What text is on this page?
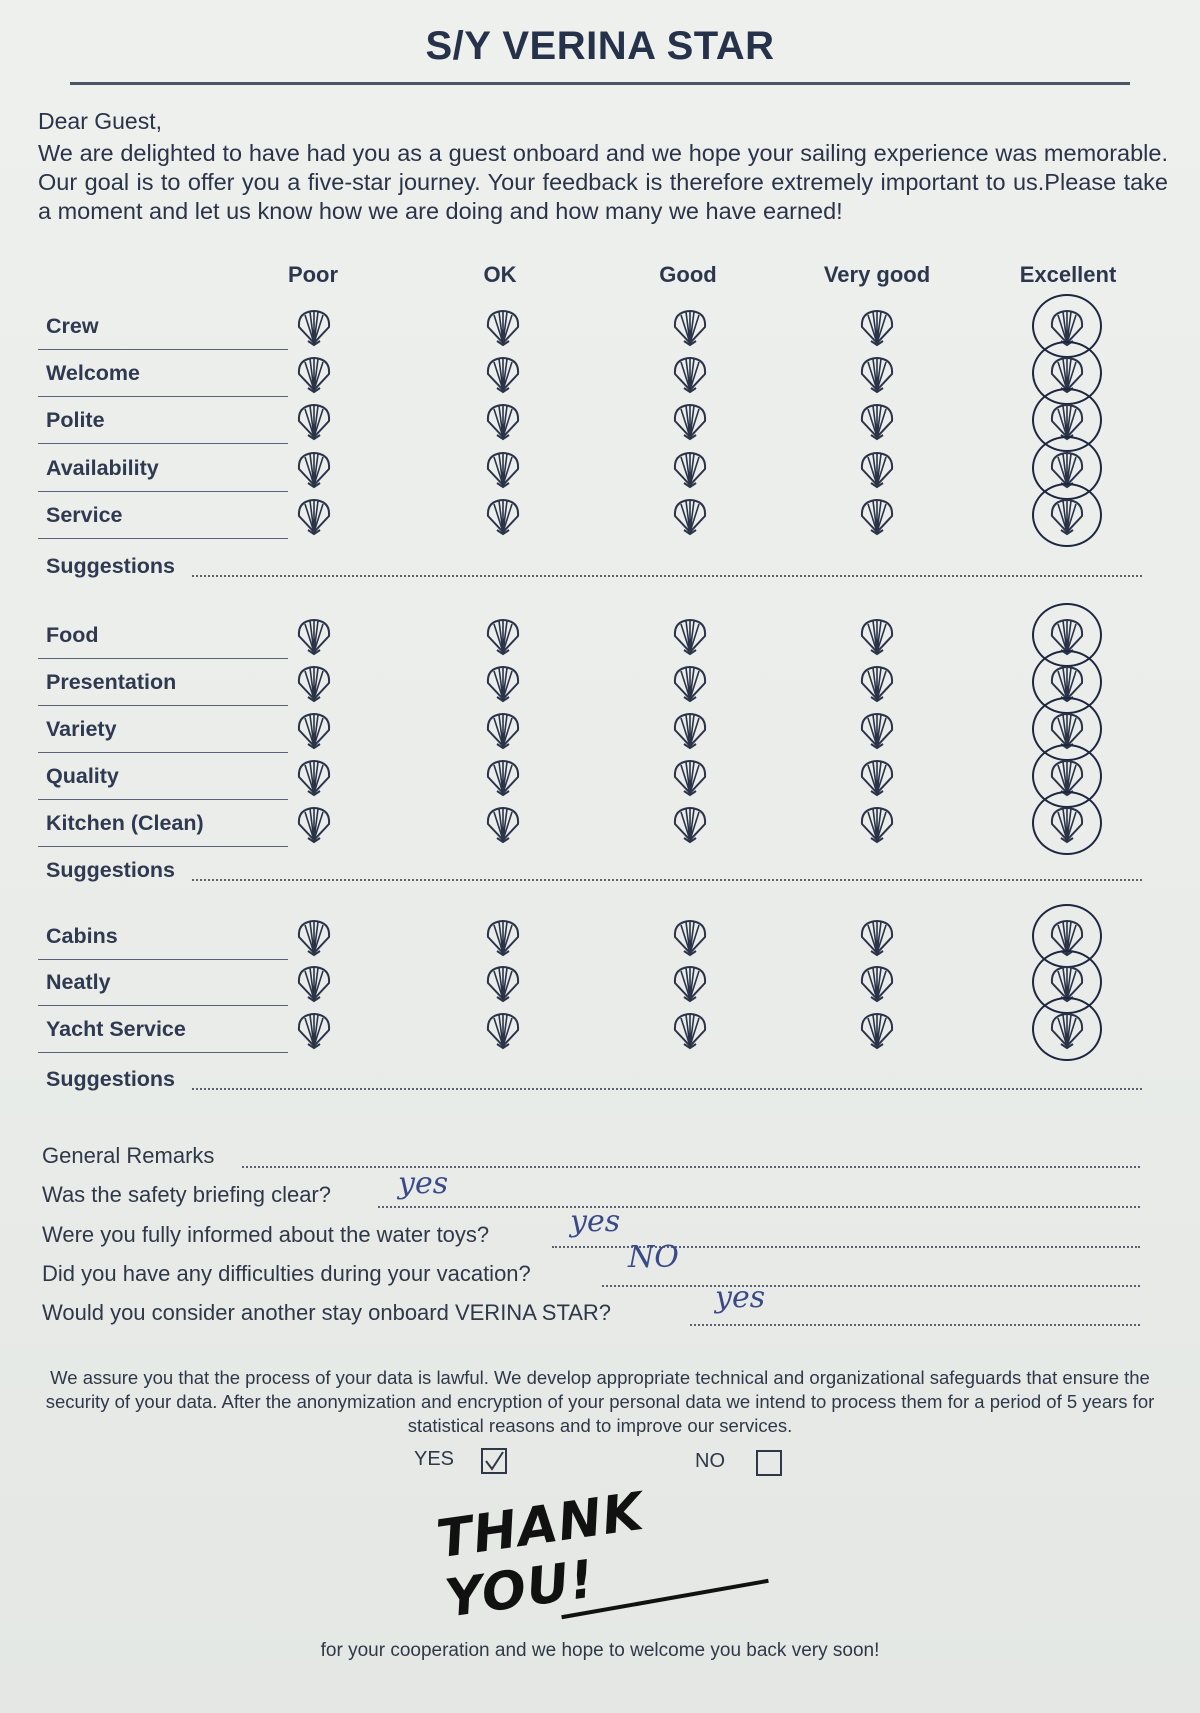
S/Y VERINA STAR
Dear Guest,
We are delighted to have had you as a guest onboard and we hope your sailing experience was memorable. Our goal is to offer you a five-star journey. Your feedback is therefore extremely important to us.Please take a moment and let us know how we are doing and how many we have earned!
Poor	OK	Good	Very good	Excellent
Crew
Welcome
Polite
Availability
Service
Suggestions
Food
Presentation
Variety
Quality
Kitchen (Clean)
Suggestions
Cabins
Neatly
Yacht Service
Suggestions
General Remarks
Was the safety briefing clear? yes
Were you fully informed about the water toys?	yes
Did you have any difficulties during your vacation?	NO
Would you consider another stay onboard VERINA STAR?	yes
We assure you that the process of your data is lawful. We develop appropriate technical and organizational safeguards that ensure the security of your data. After the anonymization and encryption of your personal data we intend to process them for a period of 5 years for statistical reasons and to improve our services.
YES	NO
THANK YOU!
for your cooperation and we hope to welcome you back very soon!
